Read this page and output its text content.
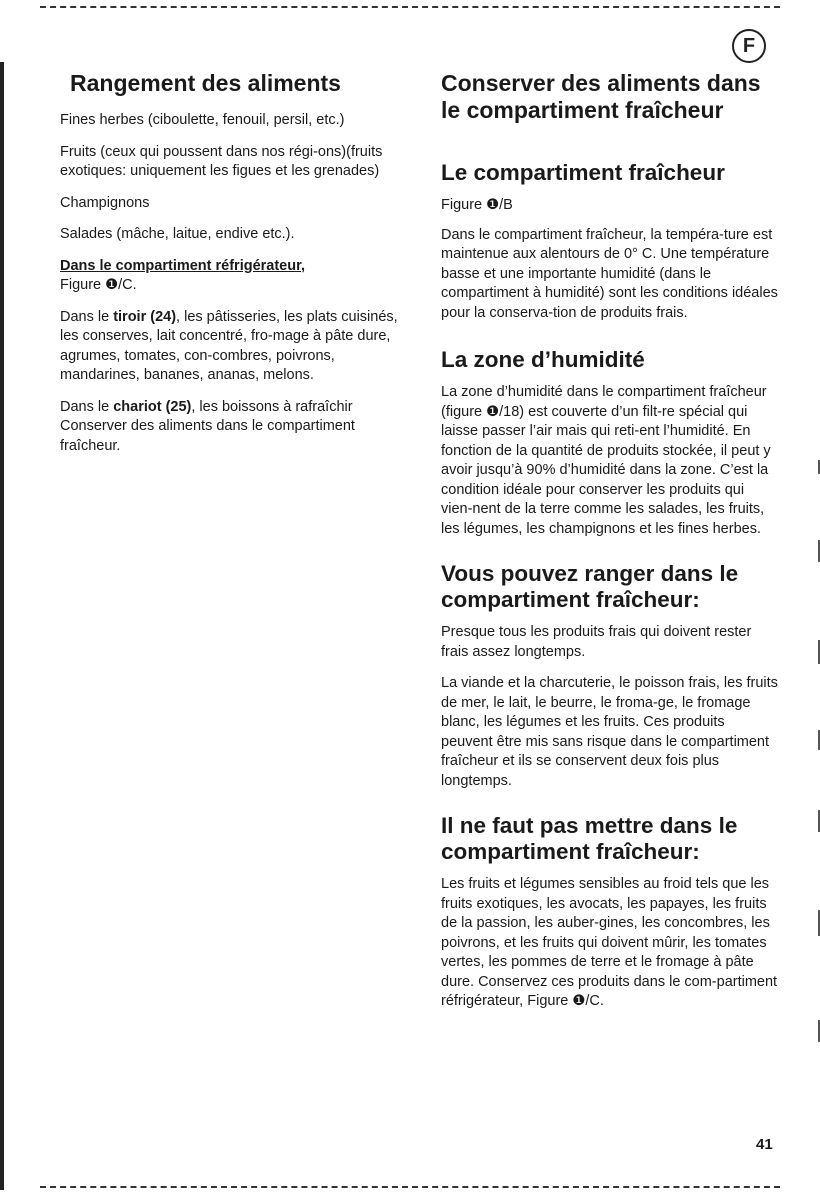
F
Rangement des aliments

Fines herbes (ciboulette, fenouil, persil, etc.)

Fruits (ceux qui poussent dans nos régi-ons)(fruits exotiques: uniquement les figues et les grenades)

Champignons

Salades (mâche, laitue, endive etc.).

Dans le compartiment réfrigérateur,
Figure ❶/C.

Dans le tiroir (24), les pâtisseries, les plats cuisinés, les conserves, lait concentré, fro-mage à pâte dure, agrumes, tomates, con-combres, poivrons, mandarines, bananes, ananas, melons.

Dans le chariot (25), les boissons à rafraîchir Conserver des aliments dans le compartiment fraîcheur.

Conserver des aliments dans le compartiment fraîcheur
Le compartiment fraîcheur

Figure ❶/B

Dans le compartiment fraîcheur, la tempéra-ture est maintenue aux alentours de 0° C. Une température basse et une importante humidité (dans le compartiment à humidité) sont les conditions idéales pour la conserva-tion de produits frais.

La zone d’humidité

La zone d’humidité dans le compartiment fraîcheur (figure ❶/18) est couverte d’un filt-re spécial qui laisse passer l’air mais qui reti-ent l’humidité. En fonction de la quantité de produits stockée, il peut y avoir jusqu’à 90% d’humidité dans la zone. C’est la condition idéale pour conserver les produits qui vien-nent de la terre comme les salades, les fruits, les légumes, les champignons et les fines herbes.

Vous pouvez ranger dans le compartiment fraîcheur:

Presque tous les produits frais qui doivent rester frais assez longtemps.

La viande et la charcuterie, le poisson frais, les fruits de mer, le lait, le beurre, le froma-ge, le fromage blanc, les légumes et les fruits. Ces produits peuvent être mis sans risque dans le compartiment fraîcheur et ils se conservent deux fois plus longtemps.

Il ne faut pas mettre dans le compartiment fraîcheur:

Les fruits et légumes sensibles au froid tels que les fruits exotiques, les avocats, les papayes, les fruits de la passion, les auber-gines, les concombres, les poivrons, et les fruits qui doivent mûrir, les tomates vertes, les pommes de terre et le fromage à pâte dure. Conservez ces produits dans le com-partiment réfrigérateur, Figure ❶/C.

41
